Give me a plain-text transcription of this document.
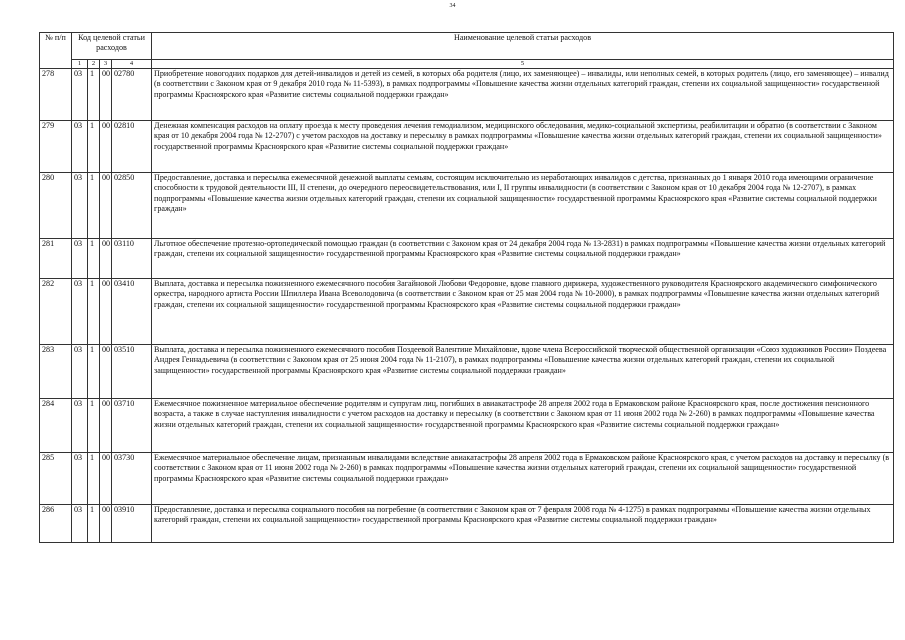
34
№ п/п	Код целевой статьи расходов				Наименование целевой статьи расходов
	1	2	3	4	5
278	03	1	00	02780	Приобретение новогодних подарков для детей-инвалидов и детей из семей, в которых оба родителя (лицо, их заменяющее) – инвалиды, или неполных семей, в которых родитель (лицо, его заменяющее) – инвалид (в соответствии с Законом края от 9 декабря 2010 года № 11-5393), в рамках подпрограммы «Повышение качества жизни отдельных категорий граждан, степени их социальной защищенности» государственной программы Красноярского края «Развитие системы социальной поддержки граждан»
279	03	1	00	02810	Денежная компенсация расходов на оплату проезда к месту проведения лечения гемодиализом, медицинского обследования, медико-социальной экспертизы, реабилитации и обратно (в соответствии с Законом края от 10 декабря 2004 года № 12-2707) с учетом расходов на доставку и пересылку в рамках подпрограммы «Повышение качества жизни отдельных категорий граждан, степени их социальной защищенности» государственной программы Красноярского края «Развитие системы социальной поддержки граждан»
280	03	1	00	02850	Предоставление, доставка и пересылка ежемесячной денежной выплаты семьям, состоящим исключительно из неработающих инвалидов с детства, признанных до 1 января 2010 года имеющими ограничение способности к трудовой деятельности III, II степени, до очередного переосвидетельствования, или I, II группы инвалидности (в соответствии с Законом края от 10 декабря 2004 года № 12-2707), в рамках подпрограммы «Повышение качества жизни отдельных категорий граждан, степени их социальной защищенности» государственной программы Красноярского края «Развитие системы социальной поддержки граждан»
281	03	1	00	03110	Льготное обеспечение протезно-ортопедической помощью граждан (в соответствии с Законом края от 24 декабря 2004 года № 13-2831) в рамках подпрограммы «Повышение качества жизни отдельных категорий граждан, степени их социальной защищенности» государственной программы Красноярского края «Развитие системы социальной поддержки граждан»
282	03	1	00	03410	Выплата, доставка и пересылка пожизненного ежемесячного пособия Загайновой Любови Федоровне, вдове главного дирижера, художественного руководителя Красноярского академического симфонического оркестра, народного артиста России Шпиллера Ивана Всеволодовича (в соответствии с Законом края от 25 мая 2004 года № 10-2000), в рамках подпрограммы «Повышение качества жизни отдельных категорий граждан, степени их социальной защищенности» государственной программы Красноярского края «Развитие системы социальной поддержки граждан»
283	03	1	00	03510	Выплата, доставка и пересылка пожизненного ежемесячного пособия Поздеевой Валентине Михайловне, вдове члена Всероссийской творческой общественной организации «Союз художников России» Поздеева Андрея Геннадьевича (в соответствии с Законом края от 25 июня 2004 года № 11-2107), в рамках подпрограммы «Повышение качества жизни отдельных категорий граждан, степени их социальной защищенности» государственной программы Красноярского края «Развитие системы социальной поддержки граждан»
284	03	1	00	03710	Ежемесячное пожизненное материальное обеспечение родителям и супругам лиц, погибших в авиакатастрофе 28 апреля 2002 года в Ермаковском районе Красноярского края, после достижения пенсионного возраста, а также в случае наступления инвалидности с учетом расходов на доставку и пересылку (в соответствии с Законом края от 11 июня 2002 года № 2-260) в рамках подпрограммы «Повышение качества жизни отдельных категорий граждан, степени их социальной защищенности» государственной программы Красноярского края «Развитие системы социальной поддержки граждан»
285	03	1	00	03730	Ежемесячное материальное обеспечение лицам, признанным инвалидами вследствие авиакатастрофы 28 апреля 2002 года в Ермаковском районе Красноярского края, с учетом расходов на доставку и пересылку (в соответствии с Законом края от 11 июня 2002 года № 2-260) в рамках подпрограммы «Повышение качества жизни отдельных категорий граждан, степени их социальной защищенности» государственной программы Красноярского края «Развитие системы социальной поддержки граждан»
286	03	1	00	03910	Предоставление, доставка и пересылка социального пособия на погребение (в соответствии с Законом края от 7 февраля 2008 года № 4-1275) в рамках подпрограммы «Повышение качества жизни отдельных категорий граждан, степени их социальной защищенности» государственной программы Красноярского края «Развитие системы социальной поддержки граждан»
